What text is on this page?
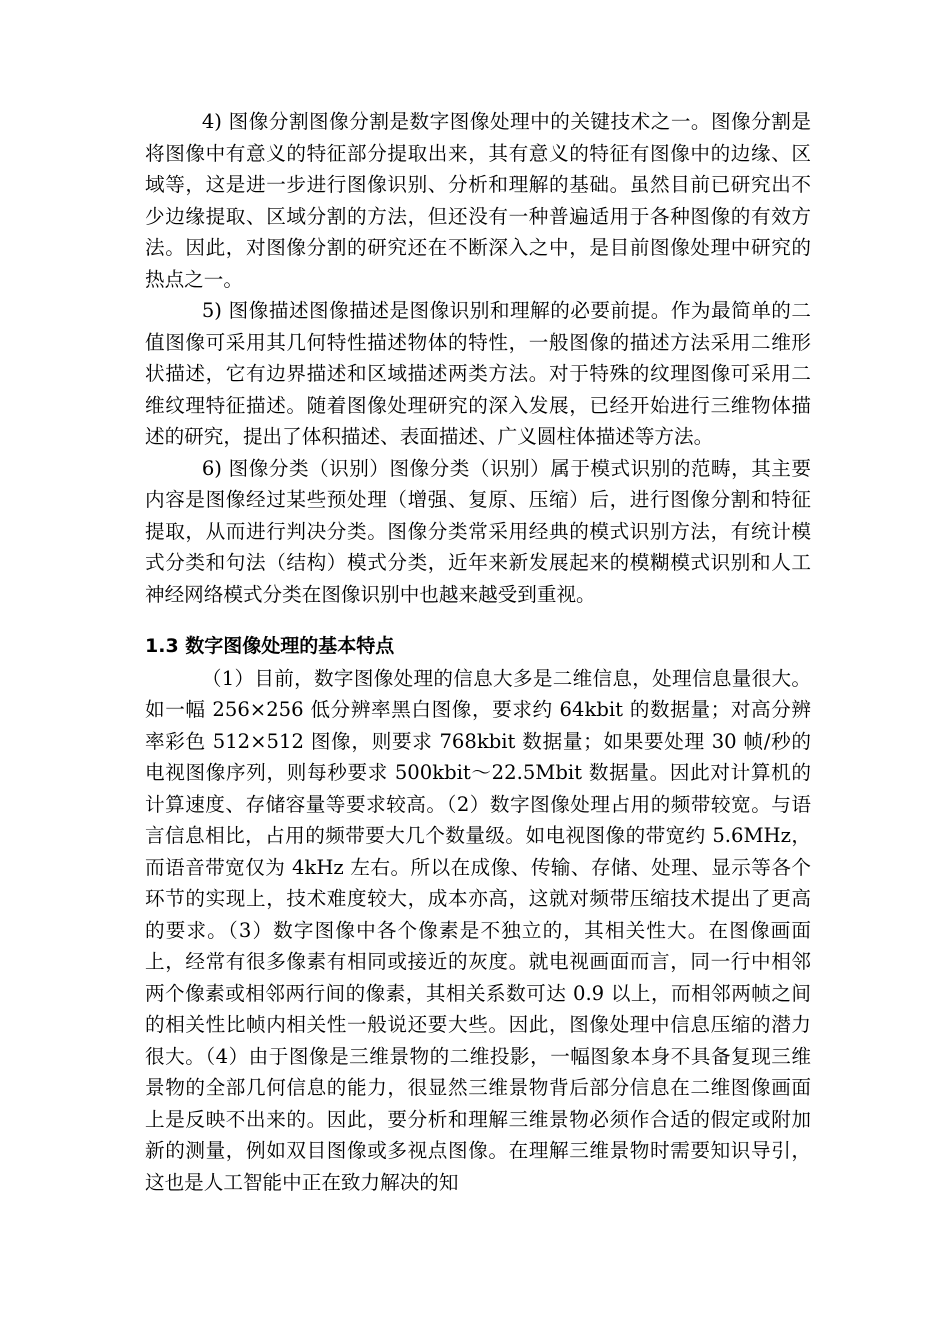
4) 图像分割图像分割是数字图像处理中的关键技术之一。图像分割是将图像中有意义的特征部分提取出来，其有意义的特征有图像中的边缘、区域等，这是进一步进行图像识别、分析和理解的基础。虽然目前已研究出不少边缘提取、区域分割的方法，但还没有一种普遍适用于各种图像的有效方法。因此，对图像分割的研究还在不断深入之中，是目前图像处理中研究的热点之一。

5) 图像描述图像描述是图像识别和理解的必要前提。作为最简单的二值图像可采用其几何特性描述物体的特性，一般图像的描述方法采用二维形状描述，它有边界描述和区域描述两类方法。对于特殊的纹理图像可采用二维纹理特征描述。随着图像处理研究的深入发展，已经开始进行三维物体描述的研究，提出了体积描述、表面描述、广义圆柱体描述等方法。

6) 图像分类（识别）图像分类（识别）属于模式识别的范畴，其主要内容是图像经过某些预处理（增强、复原、压缩）后，进行图像分割和特征提取，从而进行判决分类。图像分类常采用经典的模式识别方法，有统计模式分类和句法（结构）模式分类，近年来新发展起来的模糊模式识别和人工神经网络模式分类在图像识别中也越来越受到重视。

1.3 数字图像处理的基本特点

（1）目前，数字图像处理的信息大多是二维信息，处理信息量很大。如一幅 256×256 低分辨率黑白图像，要求约 64kbit 的数据量；对高分辨率彩色 512×512 图像，则要求 768kbit 数据量；如果要处理 30 帧/秒的电视图像序列，则每秒要求 500kbit～22.5Mbit 数据量。因此对计算机的计算速度、存储容量等要求较高。（2）数字图像处理占用的频带较宽。与语言信息相比，占用的频带要大几个数量级。如电视图像的带宽约 5.6MHz，而语音带宽仅为 4kHz 左右。所以在成像、传输、存储、处理、显示等各个环节的实现上，技术难度较大，成本亦高，这就对频带压缩技术提出了更高的要求。（3）数字图像中各个像素是不独立的，其相关性大。在图像画面上，经常有很多像素有相同或接近的灰度。就电视画面而言，同一行中相邻两个像素或相邻两行间的像素，其相关系数可达 0.9 以上，而相邻两帧之间的相关性比帧内相关性一般说还要大些。因此，图像处理中信息压缩的潜力很大。（4）由于图像是三维景物的二维投影，一幅图象本身不具备复现三维景物的全部几何信息的能力，很显然三维景物背后部分信息在二维图像画面上是反映不出来的。因此，要分析和理解三维景物必须作合适的假定或附加新的测量，例如双目图像或多视点图像。在理解三维景物时需要知识导引，这也是人工智能中正在致力解决的知
